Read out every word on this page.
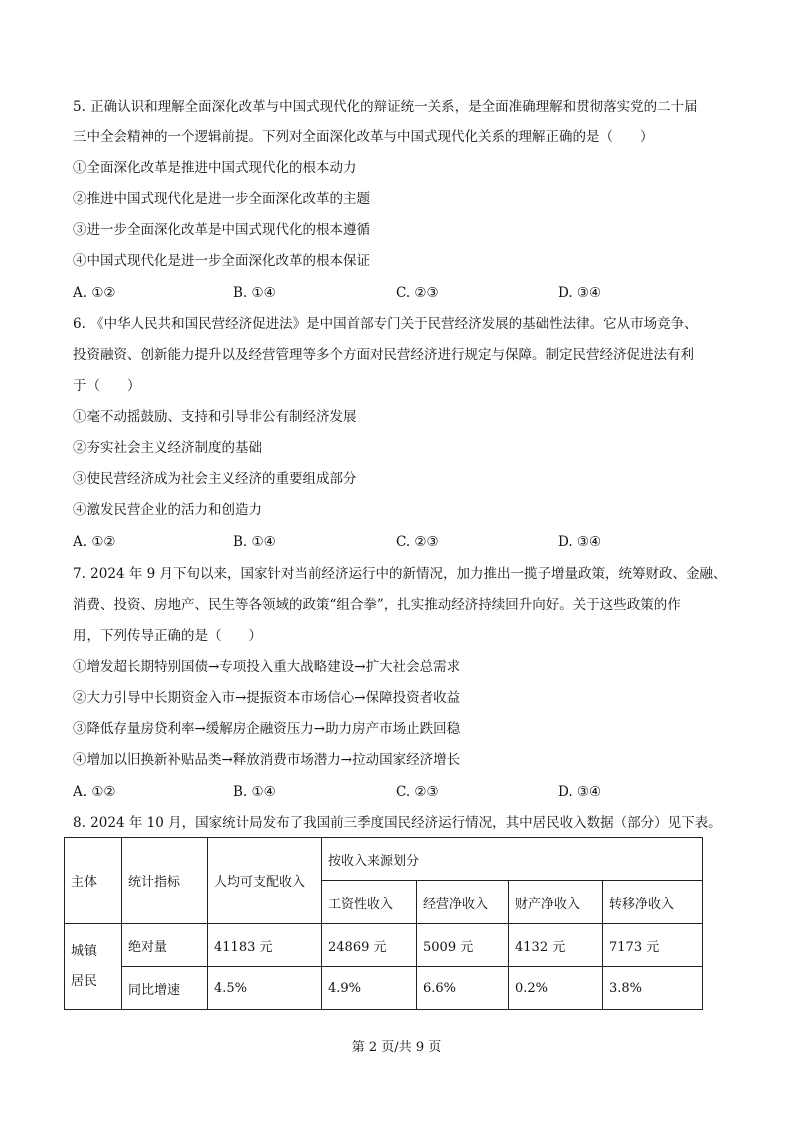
5. 正确认识和理解全面深化改革与中国式现代化的辩证统一关系，是全面准确理解和贯彻落实党的二十届
三中全会精神的一个逻辑前提。下列对全面深化改革与中国式现代化关系的理解正确的是（　　）
①全面深化改革是推进中国式现代化的根本动力
②推进中国式现代化是进一步全面深化改革的主题
③进一步全面深化改革是中国式现代化的根本遵循
④中国式现代化是进一步全面深化改革的根本保证
A. ①②	B. ①④	C. ②③	D. ③④
6. 《中华人民共和国民营经济促进法》是中国首部专门关于民营经济发展的基础性法律。它从市场竞争、
投资融资、创新能力提升以及经营管理等多个方面对民营经济进行规定与保障。制定民营经济促进法有利
于（　　）
①毫不动摇鼓励、支持和引导非公有制经济发展
②夯实社会主义经济制度的基础
③使民营经济成为社会主义经济的重要组成部分
④激发民营企业的活力和创造力
A. ①②	B. ①④	C. ②③	D. ③④
7. 2024 年 9 月下旬以来，国家针对当前经济运行中的新情况，加力推出一揽子增量政策，统筹财政、金融、
消费、投资、房地产、民生等各领域的政策“组合拳”，扎实推动经济持续回升向好。关于这些政策的作
用，下列传导正确的是（　　）
①增发超长期特别国债→专项投入重大战略建设→扩大社会总需求
②大力引导中长期资金入市→提振资本市场信心→保障投资者收益
③降低存量房贷利率→缓解房企融资压力→助力房产市场止跌回稳
④增加以旧换新补贴品类→释放消费市场潜力→拉动国家经济增长
A. ①②	B. ①④	C. ②③	D. ③④
8. 2024 年 10 月，国家统计局发布了我国前三季度国民经济运行情况，其中居民收入数据（部分）见下表。
主体	统计指标	人均可支配收入	按收入来源划分			
			工资性收入	经营净收入	财产净收入	转移净收入
城镇
居民	绝对量	41183 元	24869 元	5009 元	4132 元	7173 元
	同比增速	4.5%	4.9%	6.6%	0.2%	3.8%
第 2 页/共 9 页
